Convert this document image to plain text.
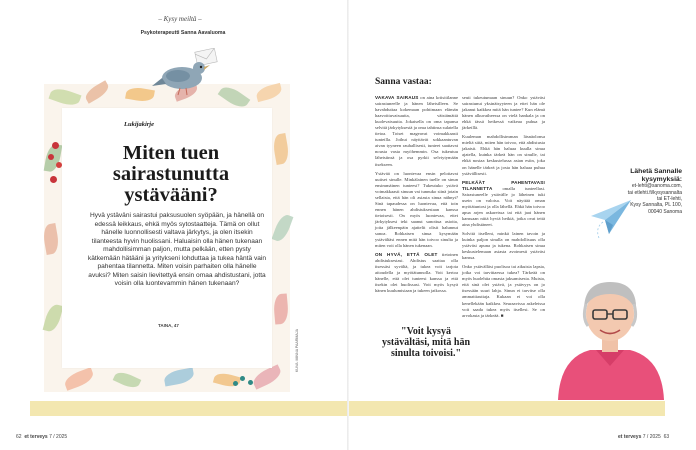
– Kysy meiltä –
Psykoterapeutti Sanna Aavaluoma
Lukijakirje
Miten tuen sairastunutta ystävääni?
Hyvä ystäväni sairastui paksusuolen syöpään, ja hänellä on edessä leikkaus, ehkä myös sytostaatteja. Tämä on ollut hänelle luonnollisesti valtava järkytys, ja olen itsekin tilanteesta hyvin huolissani. Haluaisin olla hänen tukenaan mahdollisimman paljon, mutta pelkään, etten pysty kätkemään hätääni ja yritykseni lohduttaa ja tukea häntä vain pahentaa tilannetta. Miten voisin parhaiten olla hänelle avuksi? Miten saisin lievitettyä ensin omaa ahdistustani, jotta voisin olla luontevammin hänen tukenaan?
TAINA, 47
62 et terveys 7 / 2025	et terveys 7 / 2025 63
KUVA: MINNA PAARMAJA
Sanna vastaa:

VAKAVA SAIRAUS on aina kriisitilanne sairastuneelle ja hänen läheisilleen. Se havahduttaa kokemaan pohtimaan elämän haavoittuvaisuutta, väistämättä kuolevaisuutta. Jokaisella on oma tapansa selvitä järkytyksestä ja oma tahtinsa sulatella tietoa. Toiset mageavat voimakkaasti tunteilla. Joihut näyttävät sokkaantuvan aivan tyyneen rauhallisesti, tunteet saattavat nousta vasta myöhemmin. Osa tukeutuu läheisiinsä ja osa pyrkii selviytymään itsekseen.

Ystävää on luontevaa ensin pelottavat uutiset sinulle. Minkälainen tuelle on sinun ensimmäinen tunteesi? Tukeutuko ystävä voimakkaasti sinuun vai tunnuko siinä jotain sellaista, että hän oli asiasta sinua nähnyt? Sinä tapaudessa on luontevaa, että toin ennen hänen ahdistuksestaan kanssa tietoisesti. On myös luontevaa, ettet järkytyksesi teki saanut sanottua asioita, joita jälkeenpäin ajattelit olisit halunnut sanoa. Rohkaisen sinua kysymään ystävältäsi ennen mitä hän toivoo sinulta ja miten voit olla hänen tukenaan.

ON HYVÄ, ETTÄ OLET tietoinen ahdistuksestasi. Ahdistus saattaa olla itsessäsi syvältä, ja tukea voit tarjota aitoudella ja myötätunnolla. Voit kertoa hänelle, että olet tunteesi kanssa ja että itsekin olet huolissasi. Voit myös kysyä hänen kuulumisiaan ja tukeen jatkossa.

seuti tukeutumaan sinuun? Onko ystäväsi sairastunut yksinäisyyteen ja ettei hän ole jakanut kaikkea mitä hän tuntee? Kun elämä hänen alkuvaiheessa on vielä hankala ja on ehkä tässä hetkessä vaikeaa puhua ja järkeillä.

Kuuleman mahdollisimman läsnäolonsa mieltä siitä, miten hän toivoo, että ahdistusta jakaisit. Ehkä hän haluaa kuulla sinua ajatella, kuinka tärkeä hän on sinulle, tai ehkä nostaa keskustelussa asian esiin, joka on hänelle tärkeä ja josta hän haluaa puhua ystävällisesti.

PELKÄÄT PAHENTAVASI TILANNETTA omalla tunteellasi. Sairastuneelle ystävälle jo läheinen tuki usein on valoisa. Voit näyttää oman myötätuntosi ja olla lähellä. Ehkä hän toivoo apua arjen askareissa tai että jaat hänen kanssaan niitä hyviä hetkiä, jotka ovat teitä aina yhdistäneet.

Solvitä itselleni, minkä lainen tavoin ja kuinka paljon sinulla on mahdollisuus olla ystäväsi apuna ja tukena. Rohkaisen sinua keskustelemaan asiasta avoimesti ystäväsi kanssa.

Onko ystävälläsi puolisoa tai aikuisia lapsia, jotka voi tarvittaessa tukea? Tärkeää on myös huolehtia omasta jaksamisesta. Muista, että sinä olet ystävä, ja ystävyys on jo itsessään suuri lahja. Sinun ei tarvitse olla ammattiauttaja. Kukaan ei voi olla kenellekään kaikkea. Seuraavissa askeleissa voit saada tukea myös itsellesi. Se on arvokasta ja tärkeää. ■

"Voit kysyä ystävältäsi, mitä hän sinulta toivoisi."
Lähetä Sannalle
kysymyksiä:
et-lehti@sanoma.com,
tai etlehti.fi/kysysannalta
tai ET-lehti,
Kysy Sannalta, PL 100,
00040 Sanoma
